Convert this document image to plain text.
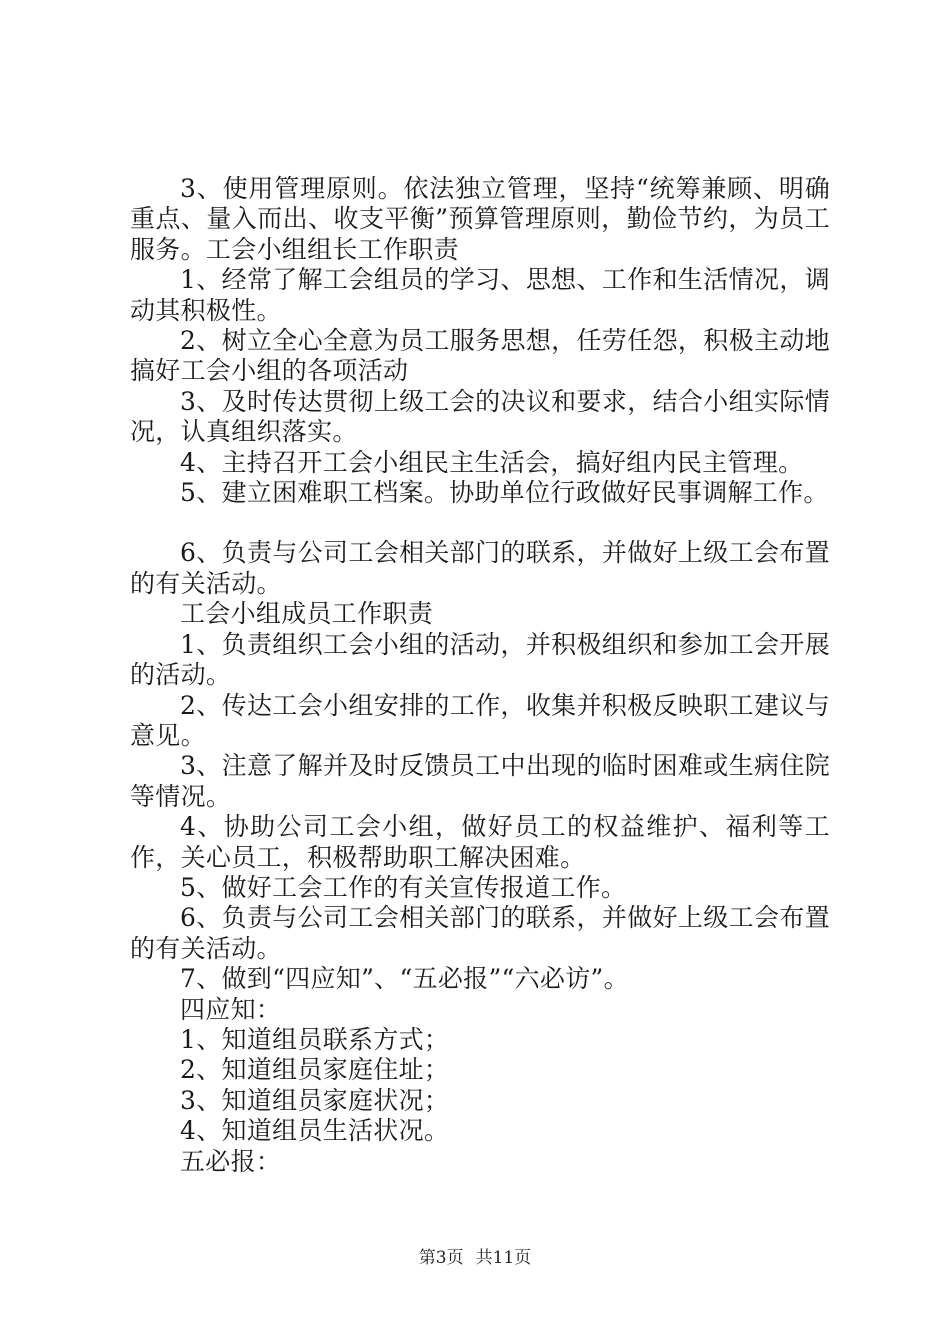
3、使用管理原则。依法独立管理，坚持“统筹兼顾、明确重点、量入而出、收支平衡”预算管理原则，勤俭节约，为员工服务。工会小组组长工作职责

1、经常了解工会组员的学习、思想、工作和生活情况，调动其积极性。

2、树立全心全意为员工服务思想，任劳任怨，积极主动地搞好工会小组的各项活动

3、及时传达贯彻上级工会的决议和要求，结合小组实际情况，认真组织落实。

4、主持召开工会小组民主生活会，搞好组内民主管理。

5、建立困难职工档案。协助单位行政做好民事调解工作。

6、负责与公司工会相关部门的联系，并做好上级工会布置的有关活动。

工会小组成员工作职责

1、负责组织工会小组的活动，并积极组织和参加工会开展的活动。

2、传达工会小组安排的工作，收集并积极反映职工建议与意见。

3、注意了解并及时反馈员工中出现的临时困难或生病住院等情况。

4、协助公司工会小组，做好员工的权益维护、福利等工作，关心员工，积极帮助职工解决困难。

5、做好工会工作的有关宣传报道工作。

6、负责与公司工会相关部门的联系，并做好上级工会布置的有关活动。

7、做到“四应知”、“五必报”“六必访”。

四应知：

1、知道组员联系方式；

2、知道组员家庭住址；

3、知道组员家庭状况；

4、知道组员生活状况。

五必报：

第3页 共11页
